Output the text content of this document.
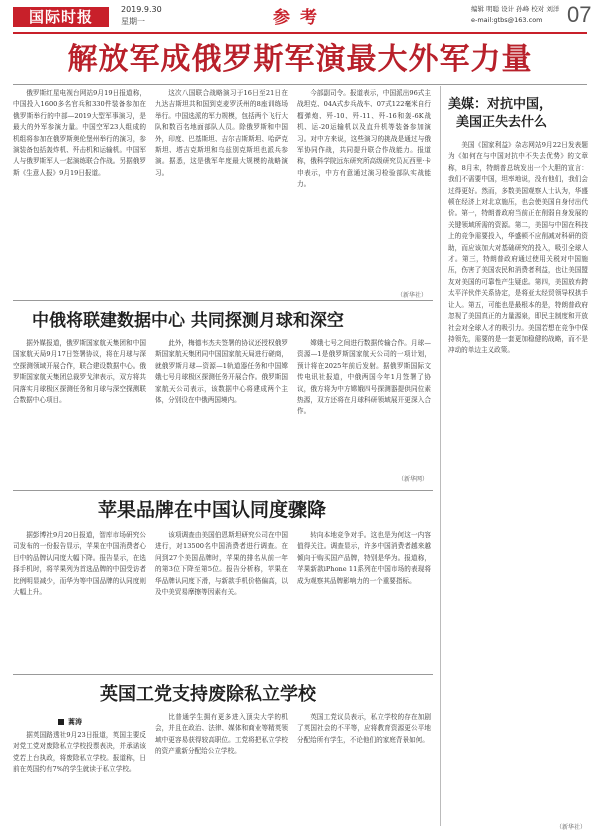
国际时报	2019.9.30
星期一	参考	编辑 明聪 设计 孙峰 校对 刘洋
e-mail:gtbs@163.com 07
解放军成俄罗斯军演最大外军力量

俄罗斯红星电视台网站9月19日报道称，中国投入1600多名官兵和330件装备参加在俄罗斯举行的中部—2019大型军事演习，是最大的外军参演力量。中国空军23人组成的机组将参加在俄罗斯奥伦堡州举行的演习，参演装备包括轰炸机、歼击机和运输机。中国军人与俄罗斯军人一起演练联合作战。另据俄罗斯《生意人报》9月19日报道。

这次八国联合战略演习于16日至21日在九达吉斯坦共和国到克麦罗沃州的8座训练场举行。中国选派的军力规模，包括两个飞行大队和数百名地面部队人员。除俄罗斯和中国外，印度、巴基斯坦、吉尔吉斯斯坦、哈萨克斯坦、塔吉克斯坦和乌兹别克斯坦也派兵参演。据悉，这是俄军年度最大规模的战略演习。

今部副司令。报道表示，中国派出96式主战坦克、04A式步兵战车、07式122毫米自行榴弹炮、歼-10、歼-11、歼-16和轰-6K战机、运-20运输机以及直升机等装备参加演习。对中方来说，这些演习的挑战是通过与俄军协同作战，共同提升联合作战能力。报道称，俄科学院远东研究所高级研究员瓦西里·卡申表示，中方有意通过演习检验部队实战能力。

（新华社）
美媒：对抗中国，
美国正失去什么

美国《国家利益》杂志网站9月22日发表题为《如何在与中国对抗中不失去优势》的文章称，8月末，特朗普总统发出一个大胆的宣言：我们不需要中国，坦率地说，没有他们，我们会过得更好。然而，多数美国观察人士认为，华盛顿在经济上对北京施压，也会使美国自身付出代价。第一，特朗普政府当前正在削弱自身发展的关键领域所需的资源。第二，美国与中国在科技上的竞争需要投入，华盛顿不应削减对科研的资助，而应该加大对基础研究的投入，吸引全球人才。第三，特朗普政府通过使用关税对中国施压，伤害了美国农民和消费者利益，也让美国盟友对美国的可靠性产生疑虑。第四，美国放弃跨太平洋伙伴关系协定，是将亚太经贸领导权拱手让人。第五，可能也是最根本的是，特朗普政府忽视了美国真正的力量源泉，即民主制度和开放社会对全球人才的吸引力。美国若想在竞争中保持领先，需要的是一套更加稳健的战略，而不是冲动的单边主义政策。

（新华社）
中俄将联建数据中心 共同探测月球和深空

据外媒报道，俄罗斯国家航天集团和中国国家航天局9月17日签署协议，将在月球与深空探测领域开展合作，联合建设数据中心。俄罗斯国家航天集团总裁罗戈津表示，双方将共同落实月球极区探测任务和月球与深空探测联合数据中心项目。

此外，梅德韦杰夫签署的协议还授权俄罗斯国家航天集团同中国国家航天局进行磋商，就俄罗斯月球—资源—1轨道器任务和中国嫦娥七号月球极区探测任务开展合作。俄罗斯国家航天公司表示，该数据中心将建成两个主体，分别设在中俄两国境内。

嫦娥七号之间进行数据传输合作。月球—资源—1是俄罗斯国家航天公司的一项计划，预计将在2025年前后发射。据俄罗斯国际文传电讯社报道，中俄两国今年1月签署了协议，俄方将为中方嫦娥四号探测器提供同位素热源，双方还将在月球科研领域展开更深入合作。

（新华网）
苹果品牌在中国认同度骤降

据彭博社9月20日报道，智库市场研究公司发布的一份报告显示，苹果在中国消费者心目中的品牌认同度大幅下降。报告显示，在选择手机时，将苹果列为首选品牌的中国受访者比例明显减少，而华为等中国品牌的认同度则大幅上升。

该项调查由美国伯恩斯坦研究公司在中国进行，对13500名中国消费者进行调查。在问到27个美国品牌时，苹果的排名从前一年的第3位下降至第5位。报告分析称，苹果在华品牌认同度下滑，与新款手机价格偏高，以及中美贸易摩擦等因素有关。

转向本地竞争对手。这也是为何这一内容值得关注。调查显示，许多中国消费者越来越倾向于购买国产品牌，特别是华为。报道称，苹果新款iPhone 11系列在中国市场的表现将成为观察其品牌影响力的一个重要指标。

英国工党支持废除私立学校
蒿涛

据英国路透社9月23日报道，英国主要反对党工党对废除私立学校投票表决，并承诺该党若上台执政，将废除私立学校。报道称，日前在英国约有7%的学生就读于私立学校。

比普通学生拥有更多进入顶尖大学的机会，并且在政治、法律、媒体和商业等精英领域中更容易获得较高职位。工党将把私立学校的资产重新分配给公立学校。

英国工党议员表示，私立学校的存在加剧了英国社会的不平等，应将教育资源更公平地分配给所有学生，不论他们的家庭背景如何。
